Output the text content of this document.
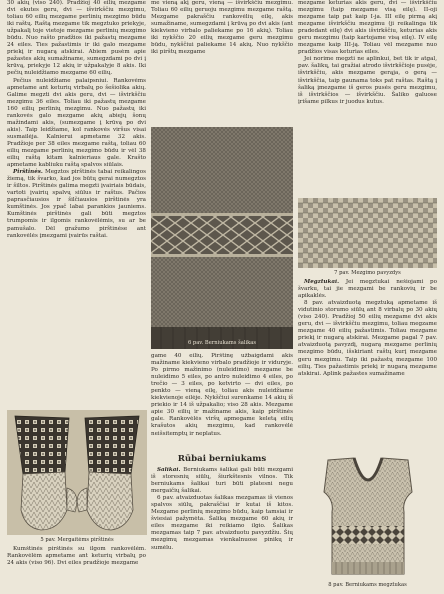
30 akių (viso 240). Pradžioj 40 eilių mezgame dvi ekutes geru, dvi — išvirkščiu mezgimu, toliau 60 eilių mezgame perlinių mezgimo būdu iki raštų. Raštą mezgame tik megztuko priekyje, užpakalį toje vietoje mezgame perlinių mezgimo būdu. Nuo rašto pradžios iki pažastų mezgame 24 eiles. Ties pažastimis ir iki galo mezgame priekį ir nugarą atskirai. Abiem pusėm apie pažastes akių sumažiname, sumegzdami po dvi į krūvą, priekyje 12 akių ir užpakalyje 8 akis. Iki pečių nuleidžiamo mezgame 60 eilių.

Pečius nuleidžiame palaipsniui. Rankovėms apmetame ant keturių virbalų po šešiolika akių. Galime megzti dvi akis geru, dvi — išvirkščiu mezgimu 36 eiles. Toliau iki pažastų mezgame 160 eilių perlinių mezgimu. Nuo pažastų iki rankovės galo mezgame akių abiejų šonų mažindami akis, (sumezgame į krūvą po dvi akis). Taip leidžiame, kol rankovės viršus visai susmailėja. Kalnierui apmetame 32 akis. Pradžioje per 38 eiles mezgame raštą, toliau 60 eilių mezgame perlinių mezgimo būdu ir vėl 38 eilių raštą kitam kalnieriaus gale. Krašto apmetame kabliuku raštą spalvos siūlais.

Pirštinės. Megztos pirštinės tabai reikalingos žiemą, tik švarko, kad jos būtų gerai numegztos ir šiltos. Pirštinės galima megzti įvairiais būdais, vartoti įvairių spalvų siūlus ir raštus. Pačios paprasčiausios ir šilčiausios pirštinės yra kumštinės. Jos ypač labai parankios jauniems. Kumštinės pirštinės gali būti megztos trumpomis ir ilgomis rankovėlėmis, su ar be pamušalo. Dėl gražumo pirštinėse ant rankovėlės įmezgami įvairūs raštai.

5 pav. Mergaitėms pirštinės

Kumštinės pirštinės su ilgom rankovėlėm. Rankovėlėm apmetame ant keturių virbalų po 24 akis (viso 96). Dvi eiles pradžioje mezgame

me vieną akį geru, vieną — išvirkščiu mezgimu. Toliau 60 eilių geruoju mezgimu mezgame raštą. Mezgame pakraščiu rankovėlių eilę, akis sumažiname, sumegzdami į krūvą po dvi akis (ant kiekvieno virbalo paliekame po 16 akių). Toliau iki nykščio 20 eilių mezgame geru mezgimu būdu, nykščiui paliekame 14 akių. Nuo nykščio iki pirštų mezgame

6 pav. Berniukams šalikas

game 40 eilių. Pirštinę užbaigdami akis mažiname kiekvieno virbalo pradžioje ir viduryje. Po pirmo mažinimo (nuleidimo) mezgame be nuleidimo 5 eiles, po antro nuleidimo 4 eiles, po trečio — 3 eiles, po ketvirto — dvi eiles, po penkto — vieną eilę, toliau akis nuleidžiame kiekvienoje eilėje. Nykščiui surenkame 14 akių iš priekio ir 14 iš užpakalio; viso 28 akis. Mezgame apie 30 eilių ir mažiname akis, kaip pirštinės gale. Rankovėlės viršų apmegame keletą eilių krašutos akių mezgimu, kad rankovėlė neišsitemptų ir neplatus.

Rūbai berniukams

Šalikai. Berniukams šalikai gali būti mezgami iš storesnių siūlų, šiurkštesnis vilnos. Tik berniukams šalikai turi būti platesni negu mergaičių šalikai.

6 pav. atvaizduotas šalikas mezgamas iš vienos spalvos siūlų, pakraščiai ir kutai iš kitos. Mezgame perlinių mezgimo būdu, kaip tamsiai ir šviesiai pažymėta. Šaliką mezgame 60 akių ir eiles mezgame iki reikiamo ilgio. Šalikas mezgamas taip 7 pav. atvaizduotu pavyzdžiu. Šių mezgimų mezgamas vienkalnuose pinikų ir sumėlu.

mezgame keturias akis geru, dvi — išvirkščiu mezgimu (taip mezgame visą eilę). II-oji mezgame taip pat kaip I-ja. III eilę pirmą akį mezgame išvirkščiu mezgimu (ji reikalinga tik pradedant eilę) dvi akis išvirkščiu, keturias akis geru mezgimu (taip kartojame visą eilę). IV eilę mezgame kaip III-ją. Toliau vėl mezgame nuo pradžios visas keturias eiles.

Jei norime megzti ne aplinkui, bet tik ir atgal, pav. šalikų, tai gražiai atrodo išvirkščioje pusėje, išvirkščiu, akis mezgame gerąja, o gerą — išvirkščia, taip gaunama toks pat raštas. Raštą į šaliką įmezgame iš geros pusės geru mezgimu, iš išvirkščios — išvirkščiu. Šaliko galuose įrišame pilkus ir juodus kutus.

7 pav. Mezgimo pavyzdys

Megztukai. Jei megztukai nešiojami po švarku, tai jie mezgami be rankovių ir be apikaklės.

8 pav. atvaizduotą megztuką apmetame iš vidutinio storumo siūlų ant 8 virbalų po 30 akių (viso 240). Pradžioj 50 eilių mezgame dvi akis geru, dvi — išvirkščiu mezgimu, toliau megzame mezgame 40 eilių pažastimis. Toliau mezgame priekį ir nugarą atskirai. Mezgame pagal 7 pav. atvaizduotą pavyzdį, nugarą mezgame perlinių mezgimo būdu, išskiriant raštų kurį mezgame geru mezgimu. Taip iki pažastų mezgame 100 eilių. Ties pažastimis priekį ir nugarą mezgame atskirai. Aplink pažastes sumažiname

8 pav. Berniukams megztukas
